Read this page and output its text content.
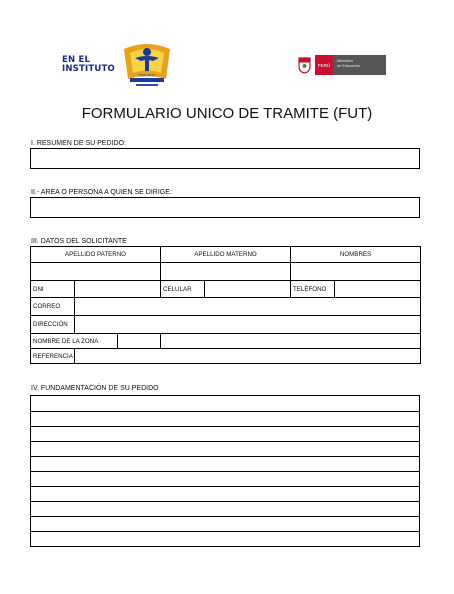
EN EL
INSTITUTO
PERUANO
PERÚ
Ministerio
de Educación
FORMULARIO UNICO DE TRAMITE (FUT)
I. RESUMEN DE SU PEDIDO:
II.- AREA O PERSONA A QUIEN SE DIRIGE:
III. DATOS DEL SOLICITANTE
APELLIDO PATERNO		APELLIDO MATERNO		NOMBRES	

DNI		CELULAR		TELÉFONO	
CORREO					
DIRECCIÓN					

NOMBRE DE LA ZONA					

REFERENCIA					
IV. FUNDAMENTACIÓN DE SU PEDIDO
